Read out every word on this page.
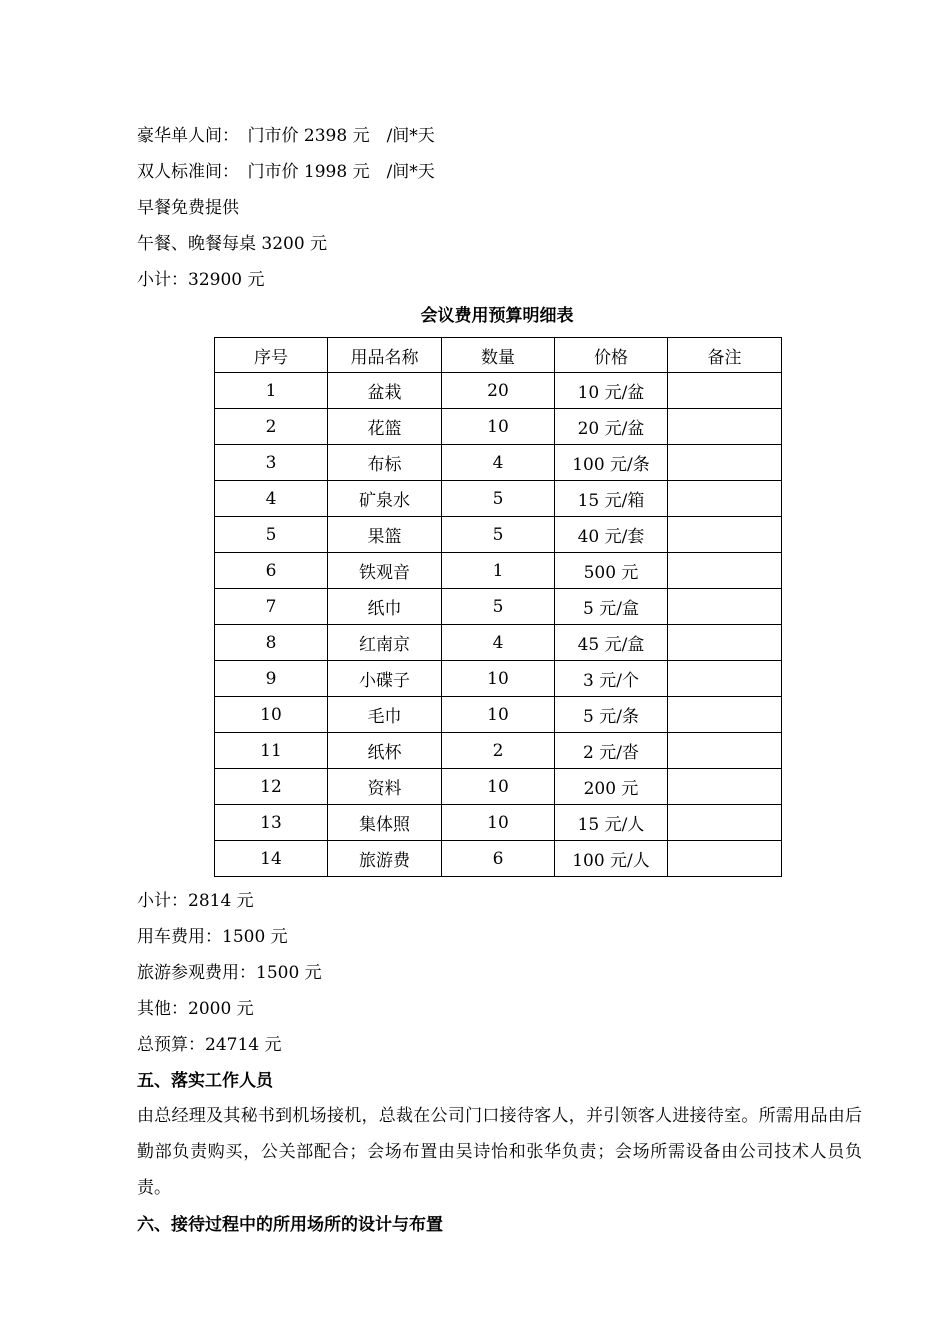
豪华单人间：　门市价 2398 元　/间*天
双人标准间：　门市价 1998 元　/间*天
早餐免费提供
午餐、晚餐每桌 3200 元
小计：32900 元
会议费用预算明细表
序号	用品名称	数量	价格	备注
1	盆栽	20	10 元/盆	
2	花篮	10	20 元/盆	
3	布标	4	100 元/条	
4	矿泉水	5	15 元/箱	
5	果篮	5	40 元/套	
6	铁观音	1	500 元	
7	纸巾	5	5 元/盒	
8	红南京	4	45 元/盒	
9	小碟子	10	3 元/个	
10	毛巾	10	5 元/条	
11	纸杯	2	2 元/沓	
12	资料	10	200 元	
13	集体照	10	15 元/人	
14	旅游费	6	100 元/人	
小计：2814 元
用车费用：1500 元
旅游参观费用：1500 元
其他：2000 元
总预算：24714 元
五、落实工作人员
由总经理及其秘书到机场接机，总裁在公司门口接待客人，并引领客人进接待室。所需用品由后勤部负责购买，公关部配合；会场布置由吴诗怡和张华负责；会场所需设备由公司技术人员负责。
六、接待过程中的所用场所的设计与布置
